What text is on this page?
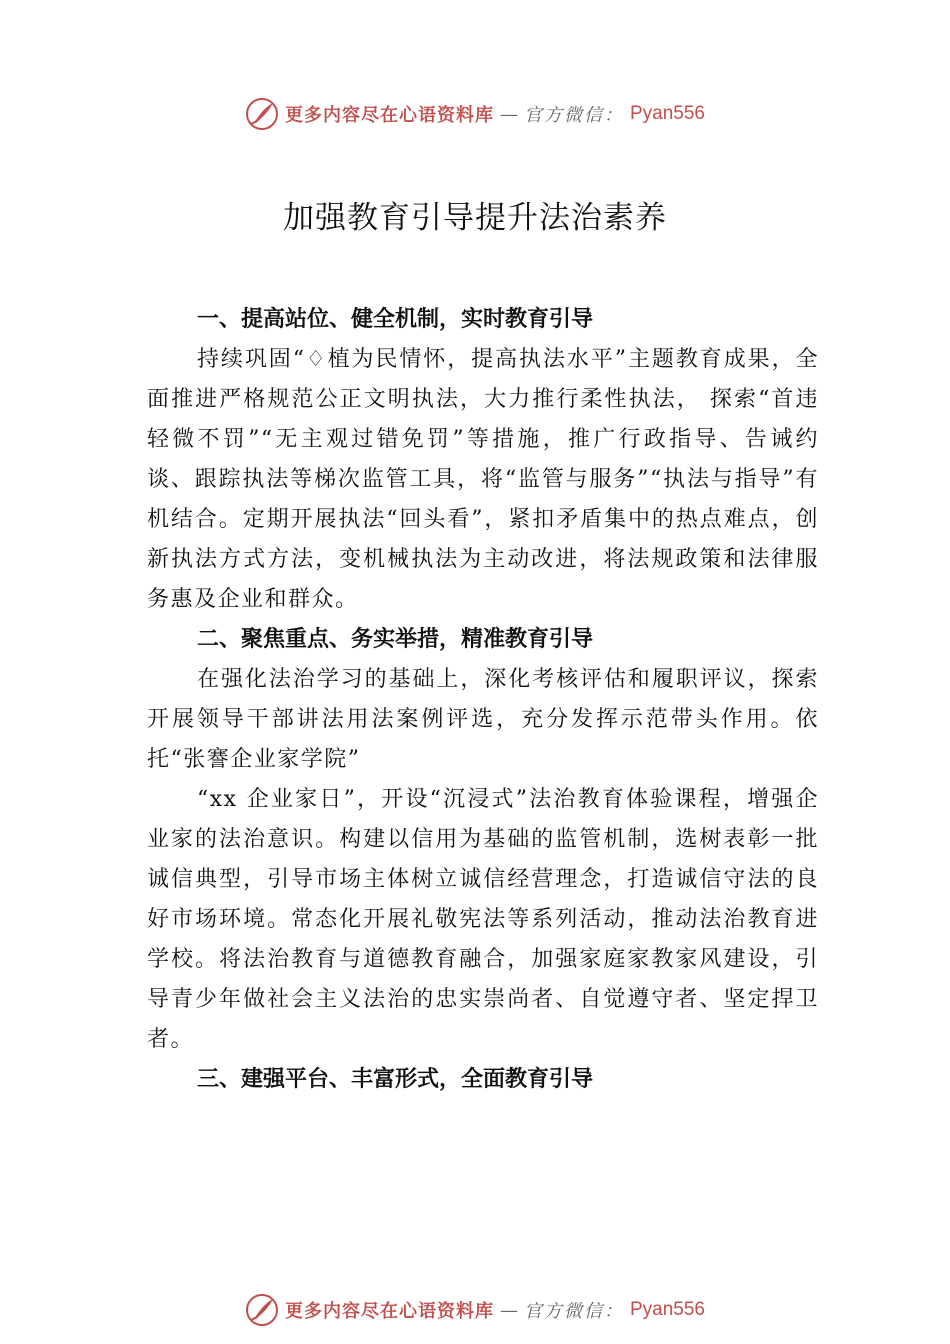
更多内容尽在心语资料库 — 官方微信： Pyan556
加强教育引导提升法治素养
一、提高站位、健全机制，实时教育引导

持续巩固“♢植为民情怀，提高执法水平”主题教育成果，全面推进严格规范公正文明执法，大力推行柔性执法， 探索“首违轻微不罚”“无主观过错免罚”等措施，推广行政指导、告诫约谈、跟踪执法等梯次监管工具，将“监管与服务”“执法与指导”有机结合。定期开展执法“回头看”，紧扣矛盾集中的热点难点，创新执法方式方法，变机械执法为主动改进，将法规政策和法律服务惠及企业和群众。

二、聚焦重点、务实举措，精准教育引导

在强化法治学习的基础上，深化考核评估和履职评议，探索开展领导干部讲法用法案例评选，充分发挥示范带头作用。依托“张謇企业家学院”

“xx 企业家日”，开设“沉浸式”法治教育体验课程，增强企业家的法治意识。构建以信用为基础的监管机制，选树表彰一批诚信典型，引导市场主体树立诚信经营理念，打造诚信守法的良好市场环境。常态化开展礼敬宪法等系列活动，推动法治教育进学校。将法治教育与道德教育融合，加强家庭家教家风建设，引导青少年做社会主义法治的忠实崇尚者、自觉遵守者、坚定捍卫者。

三、建强平台、丰富形式，全面教育引导
更多内容尽在心语资料库 — 官方微信： Pyan556
